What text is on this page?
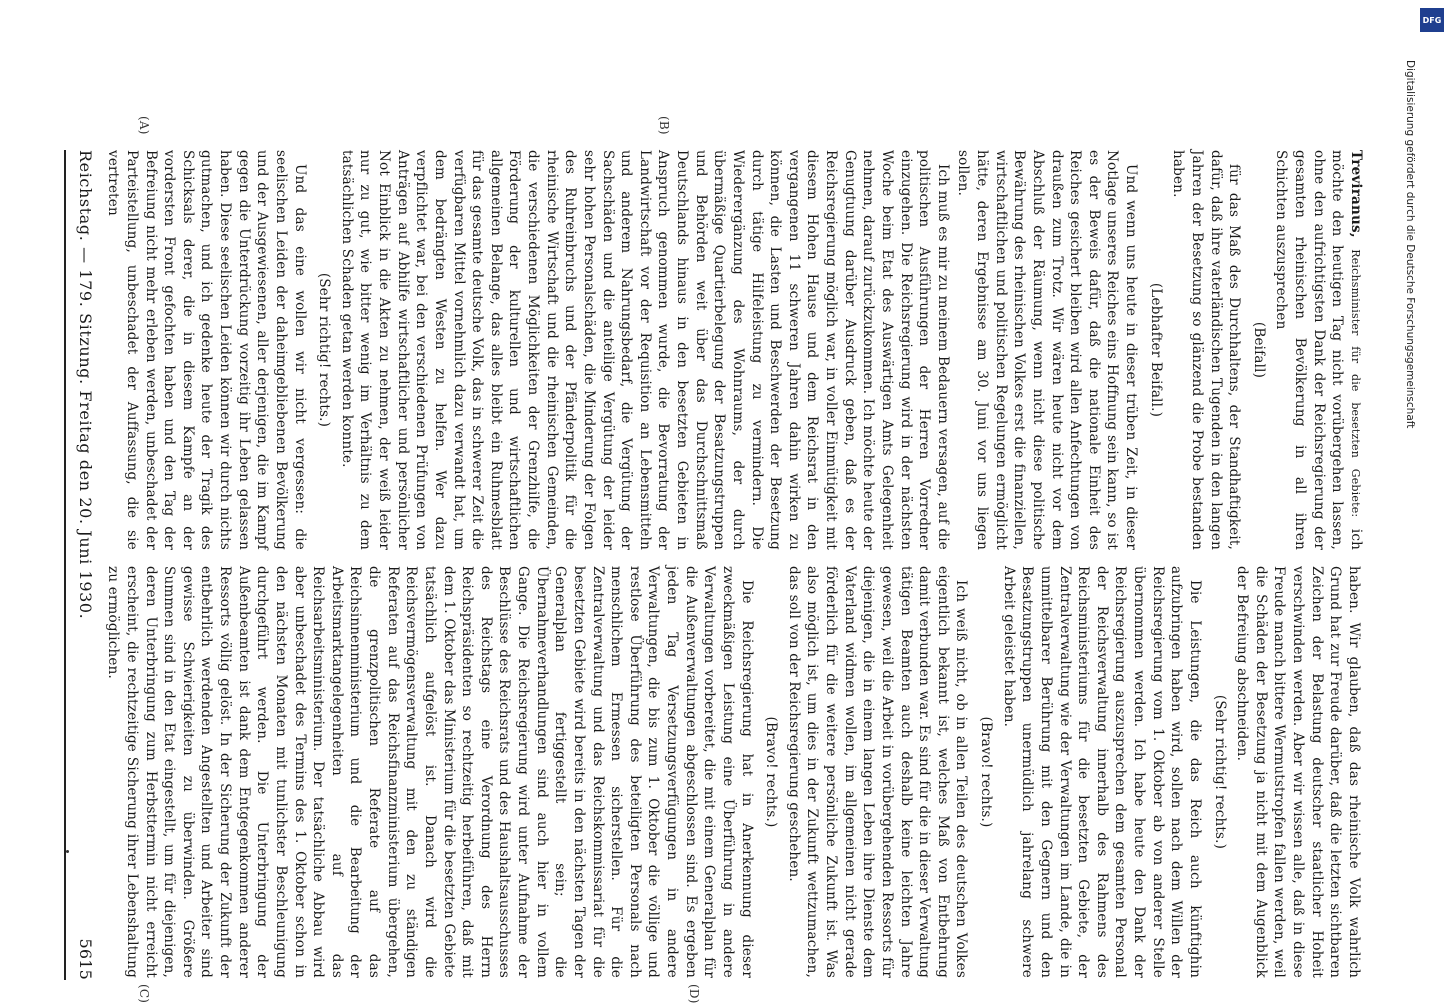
Reichstag. — 179. Sitzung. Freitag den 20. Juni 1930.
5615
(A)	(B)
(C)	(D)

Treviranus, Reichsminister für die besetzten Gebiete: ich möchte den heutigen Tag nicht vorübergehen lassen, ohne den aufrichtigsten Dank der Reichsregierung der gesamten rheinischen Bevölkerung in all ihren Schichten auszusprechen

(Beifall)

für das Maß des Durchhaltens, der Standhaftigkeit, dafür, daß ihre vaterländischen Tugenden in den langen Jahren der Besetzung so glänzend die Probe bestanden haben.

(Lebhafter Beifall.)

Und wenn uns heute in dieser trüben Zeit, in dieser Notlage unseres Reiches eins Hoffnung sein kann, so ist es der Beweis dafür, daß die nationale Einheit des Reiches gesichert bleiben wird allen Anfechtungen von draußen zum Trotz. Wir wären heute nicht vor dem Abschluß der Räumung, wenn nicht diese politische Bewährung des rheinischen Volkes erst die finanziellen, wirtschaftlichen und politischen Regelungen ermöglicht hätte, deren Ergebnisse am 30. Juni vor uns liegen sollen.

Ich muß es mir zu meinem Bedauern versagen, auf die politischen Ausführungen der Herren Vorredner einzugehen. Die Reichsregierung wird in der nächsten Woche beim Etat des Auswärtigen Amts Gelegenheit nehmen, darauf zurückzukommen. Ich möchte heute der Genugtuung darüber Ausdruck geben, daß es der Reichsregierung möglich war, in voller Einmütigkeit mit diesem Hohen Hause und dem Reichsrat in den vergangenen 11 schweren Jahren dahin wirken zu können, die Lasten und Beschwerden der Besetzung durch tätige Hilfeleistung zu vermindern. Die Wiederergänzung des Wohnraums, der durch übermäßige Quartierbelegung der Besatzungstruppen und Behörden weit über das Durchschnittsmaß Deutschlands hinaus in den besetzten Gebieten in Anspruch genommen wurde, die Bevorratung der Landwirtschaft vor der Requisition an Lebensmitteln und anderem Nahrungsbedarf, die Vergütung der Sachschäden und die anteilige Vergütung der leider sehr hohen Personalschäden, die Minderung der Folgen des Ruhreinbruchs und der Pfänderpolitik für die rheinische Wirtschaft und die rheinischen Gemeinden, die verschiedenen Möglichkeiten der Grenzhilfe, die Förderung der kulturellen und wirtschaftlichen allgemeinen Belange, das alles bleibt ein Ruhmesblatt für das gesamte deutsche Volk, das in schwerer Zeit die verfügbaren Mittel vornehmlich dazu verwandt hat, um dem bedrängten Westen zu helfen. Wer dazu verpflichtet war, bei den verschiedenen Prüfungen von Anträgen auf Abhilfe wirtschaftlicher und persönlicher Not Einblick in die Akten zu nehmen, der weiß leider nur zu gut, wie bitter wenig im Verhältnis zu dem tatsächlichen Schaden getan werden konnte.

(Sehr richtig! rechts.)

Und das eine wollen wir nicht vergessen: die seelischen Leiden der daheimgebliebenen Bevölkerung und der Ausgewiesenen, aller derjenigen, die im Kampf gegen die Unterdrückung vorzeitig ihr Leben gelassen haben. Diese seelischen Leiden können wir durch nichts gutmachen, und ich gedenke heute der Tragik des Schicksals derer, die in diesem Kampfe an der vordersten Front gefochten haben und den Tag der Befreiung nicht mehr erleben werden, unbeschadet der Parteistellung, unbeschadet der Auffassung, die sie vertreten

haben. Wir glauben, daß das rheinische Volk wahrlich Grund hat zur Freude darüber, daß die letzten sichtbaren Zeichen der Belastung deutscher staatlicher Hoheit verschwinden werden. Aber wir wissen alle, daß in diese Freude manch bittere Wermutstropfen fallen werden, weil die Schäden der Besetzung ja nicht mit dem Augenblick der Befreiung abschneiden.

(Sehr richtig! rechts.)

Die Leistungen, die das Reich auch künftighin aufzubringen haben wird, sollen nach dem Willen der Reichsregierung vom 1. Oktober ab von anderer Stelle übernommen werden. Ich habe heute den Dank der Reichsregierung auszusprechen dem gesamten Personal der Reichsverwaltung innerhalb des Rahmens des Reichsministeriums für die besetzten Gebiete, der Zentralverwaltung wie der Verwaltungen im Lande, die in unmittelbarer Berührung mit den Gegnern und den Besatzungstruppen unermüdlich jahrelang schwere Arbeit geleistet haben.

(Bravo! rechts.)

Ich weiß nicht, ob in allen Teilen des deutschen Volkes eigentlich bekannt ist, welches Maß von Entbehrung damit verbunden war. Es sind für die in dieser Verwaltung tätigen Beamten auch deshalb keine leichten Jahre gewesen, weil die Arbeit in vorübergehenden Ressorts für diejenigen, die in einem langen Leben ihre Dienste dem Vaterland widmen wollen, im allgemeinen nicht gerade förderlich für die weitere persönliche Zukunft ist. Was also möglich ist, um dies in der Zukunft wettzumachen, das soll von der Reichsregierung geschehen.

(Bravo! rechts.)

Die Reichsregierung hat in Anerkennung dieser zweckmäßigen Leistung eine Überführung in andere Verwaltungen vorbereitet, die mit einem Generalplan für die Außenverwaltungen abgeschlossen sind. Es ergeben jeden Tag Versetzungsverfügungen in andere Verwaltungen, die bis zum 1. Oktober die völlige und restlose Überführung des beteiligten Personals nach menschlichem Ermessen sicherstellen. Für die Zentralverwaltung und das Reichskommissariat für die besetzten Gebiete wird bereits in den nächsten Tagen der Generalplan fertiggestellt sein; die Übernahmeverhandlungen sind auch hier in vollem Gange. Die Reichsregierung wird unter Aufnahme der Beschlüsse des Reichsrats und des Haushaltsausschusses des Reichstags eine Verordnung des Herrn Reichspräsidenten so rechtzeitig herbeiführen, daß mit dem 1. Oktober das Ministerium für die besetzten Gebiete tatsächlich aufgelöst ist. Danach wird die Reichsvermögensverwaltung mit den zu ständigen Referaten auf das Reichsfinanzministerium übergehen, die grenzpolitischen Referate auf das Reichsinnenministerium und die Bearbeitung der Arbeitsmarktangelegenheiten auf das Reichsarbeitsministerium. Der tatsächliche Abbau wird aber unbeschadet des Termins des 1. Oktober schon in den nächsten Monaten mit tunlichster Beschleunigung durchgeführt werden. Die Unterbringung der Außenbeamten ist dank dem Entgegenkommen anderer Ressorts völlig gelöst. In der Sicherung der Zukunft der entbehrlich werdenden Angestellten und Arbeiter sind gewisse Schwierigkeiten zu überwinden. Größere Summen sind in den Etat eingestellt, um für diejenigen, deren Unterbringung zum Herbsttermin nicht erreicht erscheint, die rechtzeitige Sicherung ihrer Lebenshaltung zu ermöglichen.

DFG
Digitalisierung gefördert durch die Deutsche Forschungsgemeinschaft
